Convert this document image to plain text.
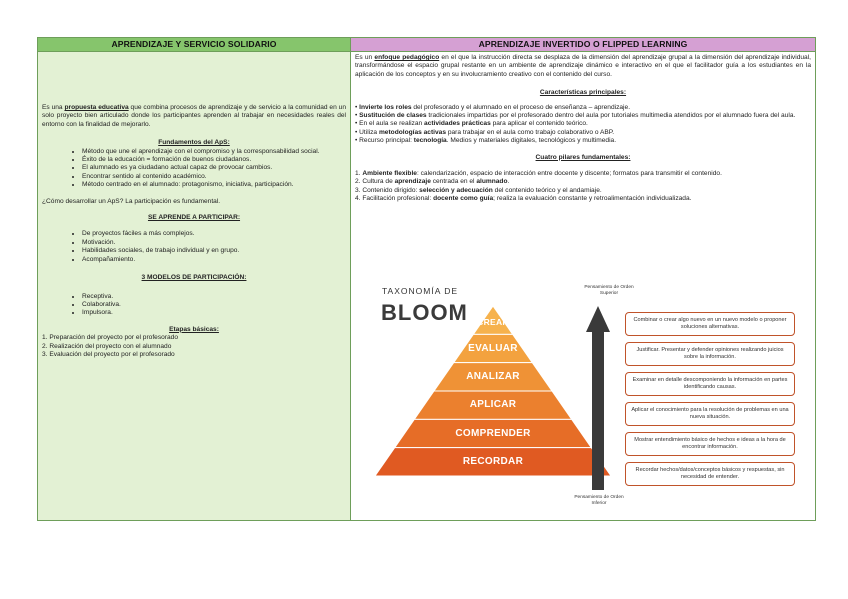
APRENDIZAJE Y SERVICIO SOLIDARIO

Es una propuesta educativa que combina procesos de aprendizaje y de servicio a la comunidad en un solo proyecto bien articulado donde los participantes aprenden al trabajar en necesidades reales del entorno con la finalidad de mejorarlo.

Fundamentos del ApS:

• Método que une el aprendizaje con el compromiso y la corresponsabilidad social.
• Éxito de la educación = formación de buenos ciudadanos.
• El alumnado es ya ciudadano actual capaz de provocar cambios.
• Encontrar sentido al contenido académico.
• Método centrado en el alumnado: protagonismo, iniciativa, participación.

¿Cómo desarrollar un ApS? La participación es fundamental.

SE APRENDE A PARTICIPAR:

• De proyectos fáciles a más complejos.
• Motivación.
• Habilidades sociales, de trabajo individual y en grupo.
• Acompañamiento.

3 MODELOS DE PARTICIPACIÓN:

• Receptiva.
• Colaborativa.
• Impulsora.

Etapas básicas:

1. Preparación del proyecto por el profesorado

2. Realización del proyecto con el alumnado

3. Evaluación del proyecto por el profesorado

APRENDIZAJE INVERTIDO O FLIPPED LEARNING

Es un enfoque pedagógico en el que la instrucción directa se desplaza de la dimensión del aprendizaje grupal a la dimensión del aprendizaje individual, transformándose el espacio grupal restante en un ambiente de aprendizaje dinámico e interactivo en el que el facilitador guía a los estudiantes en la aplicación de los conceptos y en su involucramiento creativo con el contenido del curso.

Características principales:

• Invierte los roles del profesorado y el alumnado en el proceso de enseñanza – aprendizaje.

• Sustitución de clases tradicionales impartidas por el profesorado dentro del aula por tutoriales multimedia atendidos por el alumnado fuera del aula.

• En el aula se realizan actividades prácticas para aplicar el contenido teórico.

• Utiliza metodologías activas para trabajar en el aula como trabajo colaborativo o ABP.

• Recurso principal: tecnología. Medios y materiales digitales, tecnológicos y multimedia.

Cuatro pilares fundamentales:

1. Ambiente flexible: calendarización, espacio de interacción entre docente y discente; formatos para transmitir el contenido.

2. Cultura de aprendizaje centrada en el alumnado.

3. Contenido dirigido: selección y adecuación del contenido teórico y el andamiaje.

4. Facilitación profesional: docente como guía; realiza la evaluación constante y retroalimentación individualizada.

TAXONOMÍA DE
BLOOM	CREAR
EVALUAR
ANALIZAR
APLICAR
COMPRENDER
RECORDAR
Pensamiento de Orden Superior
Pensamiento de Orden Inferior
Combinar o crear algo nuevo en un nuevo modelo o proponer soluciones alternativas.
Justificar. Presentar y defender opiniones realizando juicios sobre la información.
Examinar en detalle descomponiendo la información en partes identificando causas.
Aplicar el conocimiento para la resolución de problemas en una nueva situación.
Mostrar entendimiento básico de hechos e ideas a la hora de encontrar información.
Recordar hechos/datos/conceptos básicos y respuestas, sin necesidad de entender.
